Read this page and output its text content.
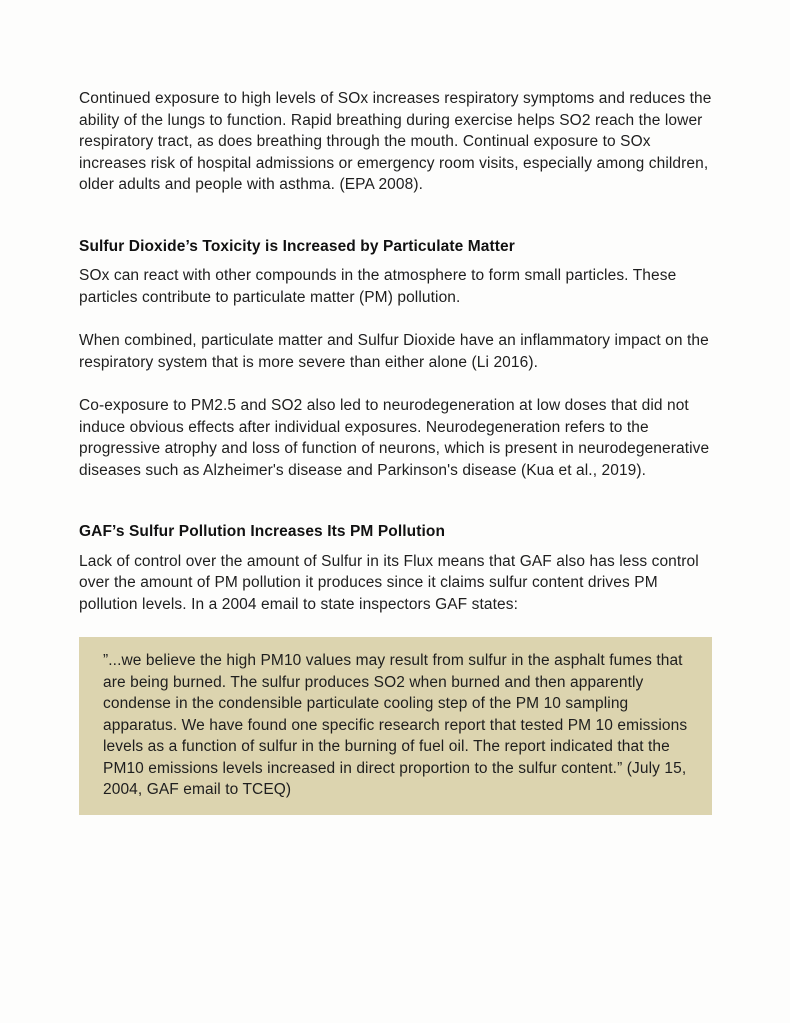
Continued exposure to high levels of SOx increases respiratory symptoms and reduces the ability of the lungs to function. Rapid breathing during exercise helps SO2 reach the lower respiratory tract, as does breathing through the mouth. Continual exposure to SOx increases risk of hospital admissions or emergency room visits, especially among children, older adults and people with asthma. (EPA 2008).

Sulfur Dioxide’s Toxicity is Increased by Particulate Matter

SOx can react with other compounds in the atmosphere to form small particles. These particles contribute to particulate matter (PM) pollution.

When combined, particulate matter and Sulfur Dioxide have an inflammatory impact on the respiratory system that is more severe than either alone (Li 2016).

Co-exposure to PM2.5 and SO2 also led to neurodegeneration at low doses that did not induce obvious effects after individual exposures. Neurodegeneration refers to the progressive atrophy and loss of function of neurons, which is present in neurodegenerative diseases such as Alzheimer's disease and Parkinson's disease (Kua et al., 2019).

GAF’s Sulfur Pollution Increases Its PM Pollution

Lack of control over the amount of Sulfur in its Flux means that GAF also has less control over the amount of PM pollution it produces since it claims sulfur content drives PM pollution levels. In a 2004 email to state inspectors GAF states:

”...we believe the high PM10 values may result from sulfur in the asphalt fumes that are being burned. The sulfur produces SO2 when burned and then apparently condense in the condensible particulate cooling step of the PM 10 sampling apparatus. We have found one specific research report that tested PM 10 emissions levels as a function of sulfur in the burning of fuel oil. The report indicated that the PM10 emissions levels increased in direct proportion to the sulfur content.” (July 15, 2004, GAF email to TCEQ)
